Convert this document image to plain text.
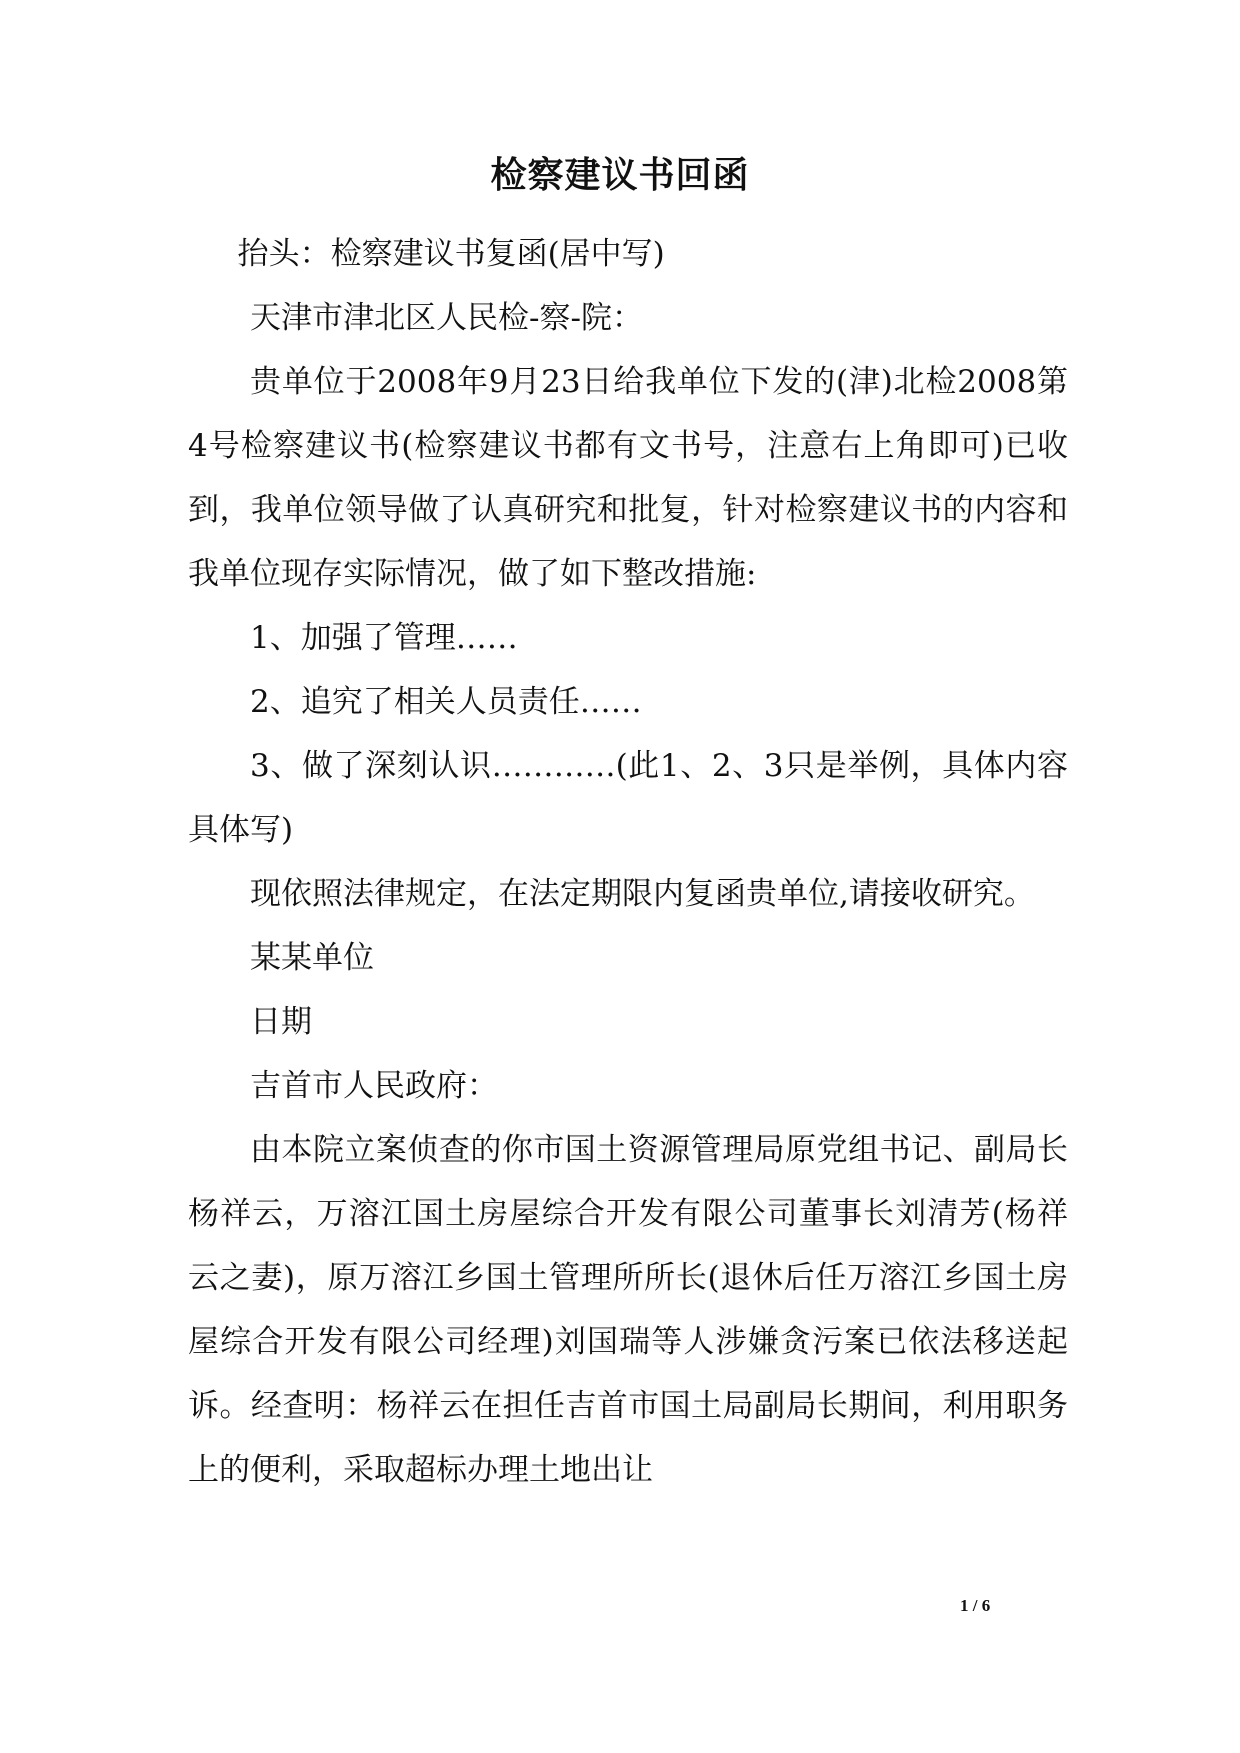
检察建议书回函

抬头：检察建议书复函(居中写)

天津市津北区人民检-察-院：

贵单位于2008年9月23日给我单位下发的(津)北检2008第4号检察建议书(检察建议书都有文书号，注意右上角即可)已收到，我单位领导做了认真研究和批复，针对检察建议书的内容和我单位现存实际情况，做了如下整改措施:

1、加强了管理……

2、追究了相关人员责任……

3、做了深刻认识…………(此1、2、3只是举例，具体内容具体写)

现依照法律规定，在法定期限内复函贵单位,请接收研究。

某某单位

日期

吉首市人民政府：

由本院立案侦查的你市国土资源管理局原党组书记、副局长杨祥云，万溶江国土房屋综合开发有限公司董事长刘清芳(杨祥云之妻)，原万溶江乡国土管理所所长(退休后任万溶江乡国土房屋综合开发有限公司经理)刘国瑞等人涉嫌贪污案已依法移送起诉。经查明：杨祥云在担任吉首市国土局副局长期间，利用职务上的便利，采取超标办理土地出让

1 / 6
